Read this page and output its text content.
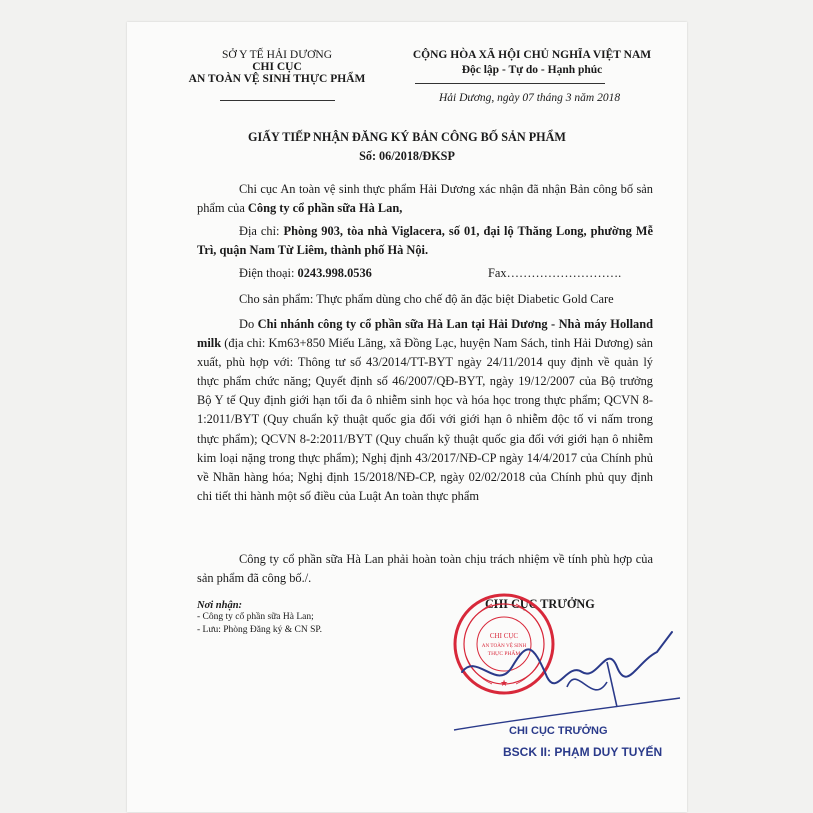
SỞ Y TẾ HẢI DƯƠNG
CHI CỤC
AN TOÀN VỆ SINH THỰC PHẨM
CỘNG HÒA XÃ HỘI CHỦ NGHĨA VIỆT NAM
Độc lập - Tự do - Hạnh phúc
Hải Dương, ngày 07 tháng 3 năm 2018
GIẤY TIẾP NHẬN ĐĂNG KÝ BẢN CÔNG BỐ SẢN PHẨM
Số: 06/2018/ĐKSP
Chi cục An toàn vệ sinh thực phẩm Hải Dương xác nhận đã nhận Bản công bố sản phẩm của Công ty cổ phần sữa Hà Lan,
Địa chỉ: Phòng 903, tòa nhà Viglacera, số 01, đại lộ Thăng Long, phường Mễ Trì, quận Nam Từ Liêm, thành phố Hà Nội.
Điện thoại: 0243.998.0536	Fax……………………….
Cho sản phẩm: Thực phẩm dùng cho chế độ ăn đặc biệt Diabetic Gold Care
Do Chi nhánh công ty cổ phần sữa Hà Lan tại Hải Dương - Nhà máy Holland milk (địa chỉ: Km63+850 Miếu Lãng, xã Đồng Lạc, huyện Nam Sách, tỉnh Hải Dương) sản xuất, phù hợp với: Thông tư số 43/2014/TT-BYT ngày 24/11/2014 quy định về quản lý thực phẩm chức năng; Quyết định số 46/2007/QĐ-BYT, ngày 19/12/2007 của Bộ trưởng Bộ Y tế Quy định giới hạn tối đa ô nhiễm sinh học và hóa học trong thực phẩm; QCVN 8-1:2011/BYT (Quy chuẩn kỹ thuật quốc gia đối với giới hạn ô nhiễm độc tố vi nấm trong thực phẩm); QCVN 8-2:2011/BYT (Quy chuẩn kỹ thuật quốc gia đối với giới hạn ô nhiễm kim loại nặng trong thực phẩm); Nghị định 43/2017/NĐ-CP ngày 14/4/2017 của Chính phủ về Nhãn hàng hóa; Nghị định 15/2018/NĐ-CP, ngày 02/02/2018 của Chính phủ quy định chi tiết thi hành một số điều của Luật An toàn thực phẩm
Công ty cổ phần sữa Hà Lan phải hoàn toàn chịu trách nhiệm về tính phù hợp của sản phẩm đã công bố./.
Nơi nhận:
- Công ty cổ phần sữa Hà Lan;
- Lưu: Phòng Đăng ký & CN SP.
CHI CỤC TRƯỞNG
CHI CỤC
AN TOÀN VỆ SINH
THỰC PHẨM
★
CHI CỤC TRƯỞNG
BSCK II: PHẠM DUY TUYẾN
